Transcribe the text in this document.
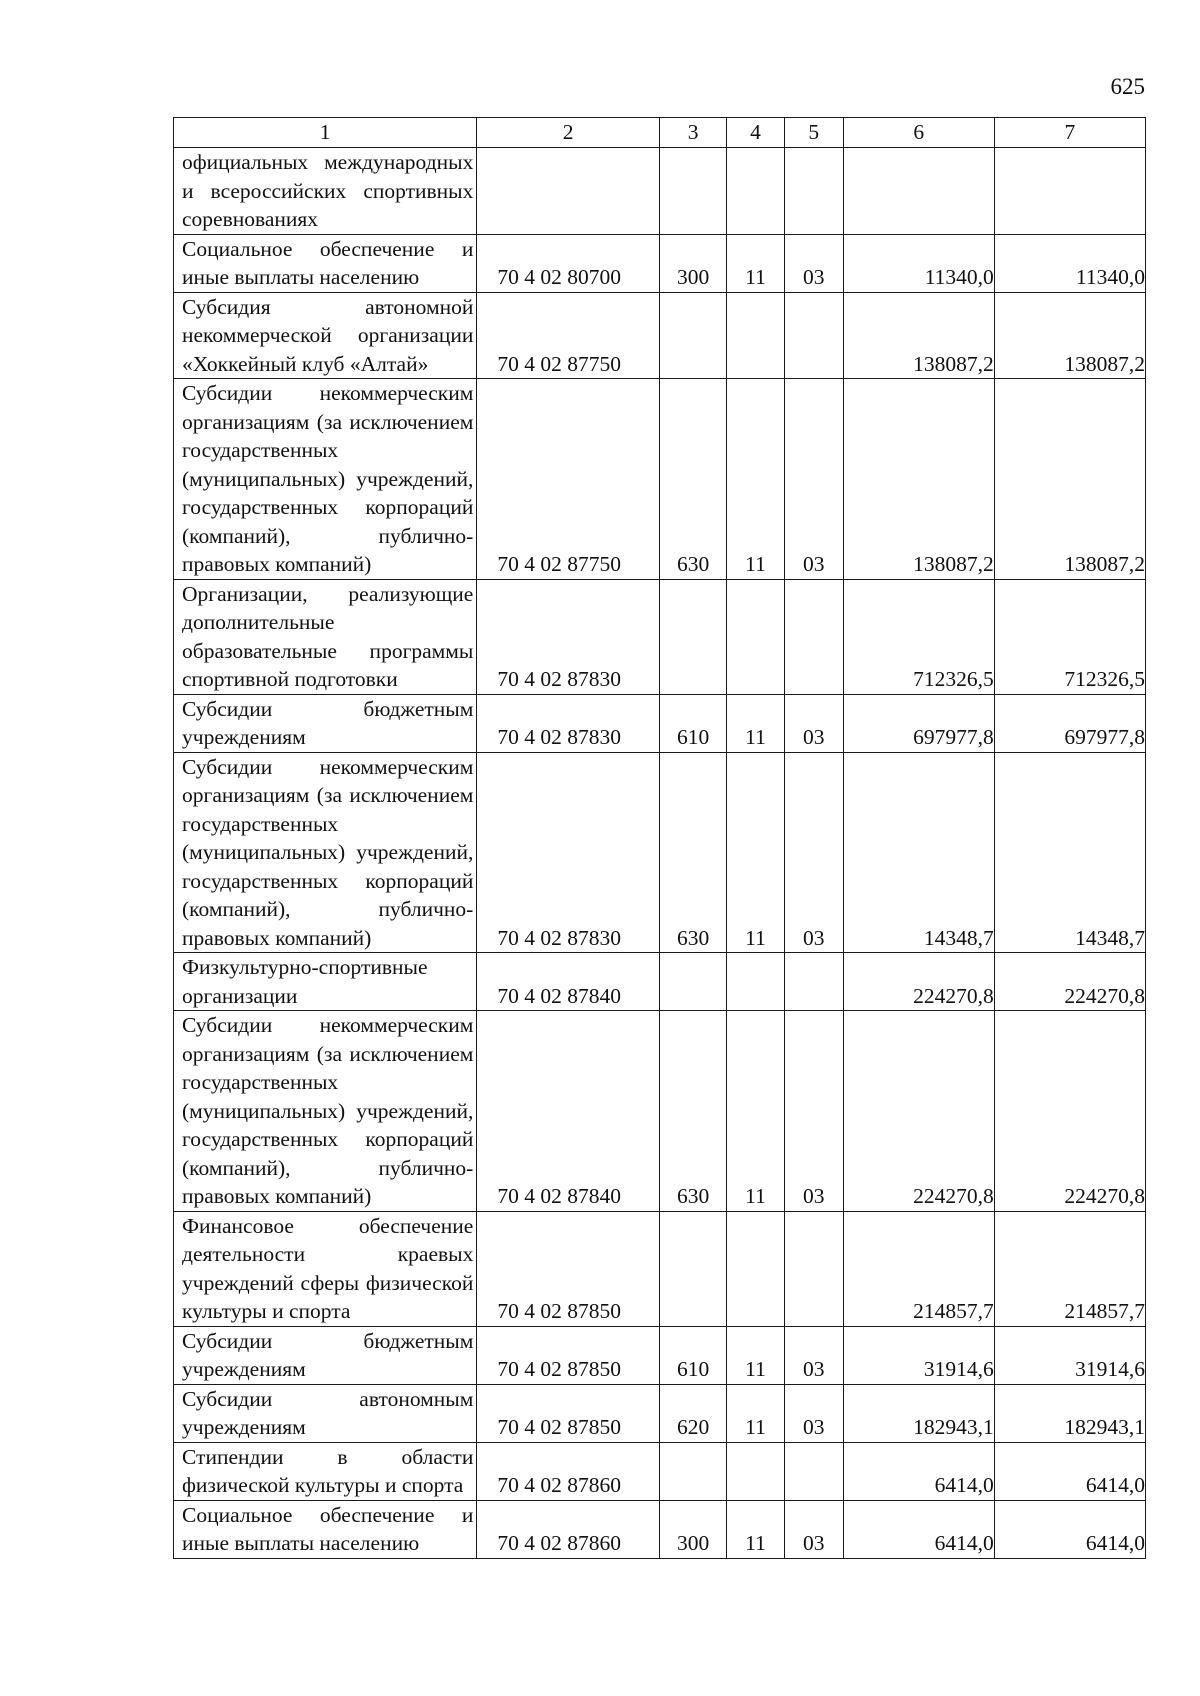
625
1	2	3	4	5	6	7
официальных международных и всероссийских спортивных соревнованиях						
Социальное обеспечение и иные выплаты населению	70 4 02 80700	300	11	03	11340,0	11340,0
Субсидия автономной некоммерческой организации «Хоккейный клуб «Алтай»	70 4 02 87750				138087,2	138087,2
Субсидии некоммерческим организациям (за исключением государственных (муниципальных) учреждений, государственных корпораций (компаний), публично-правовых компаний)	70 4 02 87750	630	11	03	138087,2	138087,2
Организации, реализующие дополнительные образовательные программы спортивной подготовки	70 4 02 87830				712326,5	712326,5
Субсидии бюджетным учреждениям	70 4 02 87830	610	11	03	697977,8	697977,8
Субсидии некоммерческим организациям (за исключением государственных (муниципальных) учреждений, государственных корпораций (компаний), публично-правовых компаний)	70 4 02 87830	630	11	03	14348,7	14348,7
Физкультурно-спортивные организации	70 4 02 87840				224270,8	224270,8
Субсидии некоммерческим организациям (за исключением государственных (муниципальных) учреждений, государственных корпораций (компаний), публично-правовых компаний)	70 4 02 87840	630	11	03	224270,8	224270,8
Финансовое обеспечение деятельности краевых учреждений сферы физической культуры и спорта	70 4 02 87850				214857,7	214857,7
Субсидии бюджетным учреждениям	70 4 02 87850	610	11	03	31914,6	31914,6
Субсидии автономным учреждениям	70 4 02 87850	620	11	03	182943,1	182943,1
Стипендии в области физической культуры и спорта	70 4 02 87860				6414,0	6414,0
Социальное обеспечение и иные выплаты населению	70 4 02 87860	300	11	03	6414,0	6414,0
